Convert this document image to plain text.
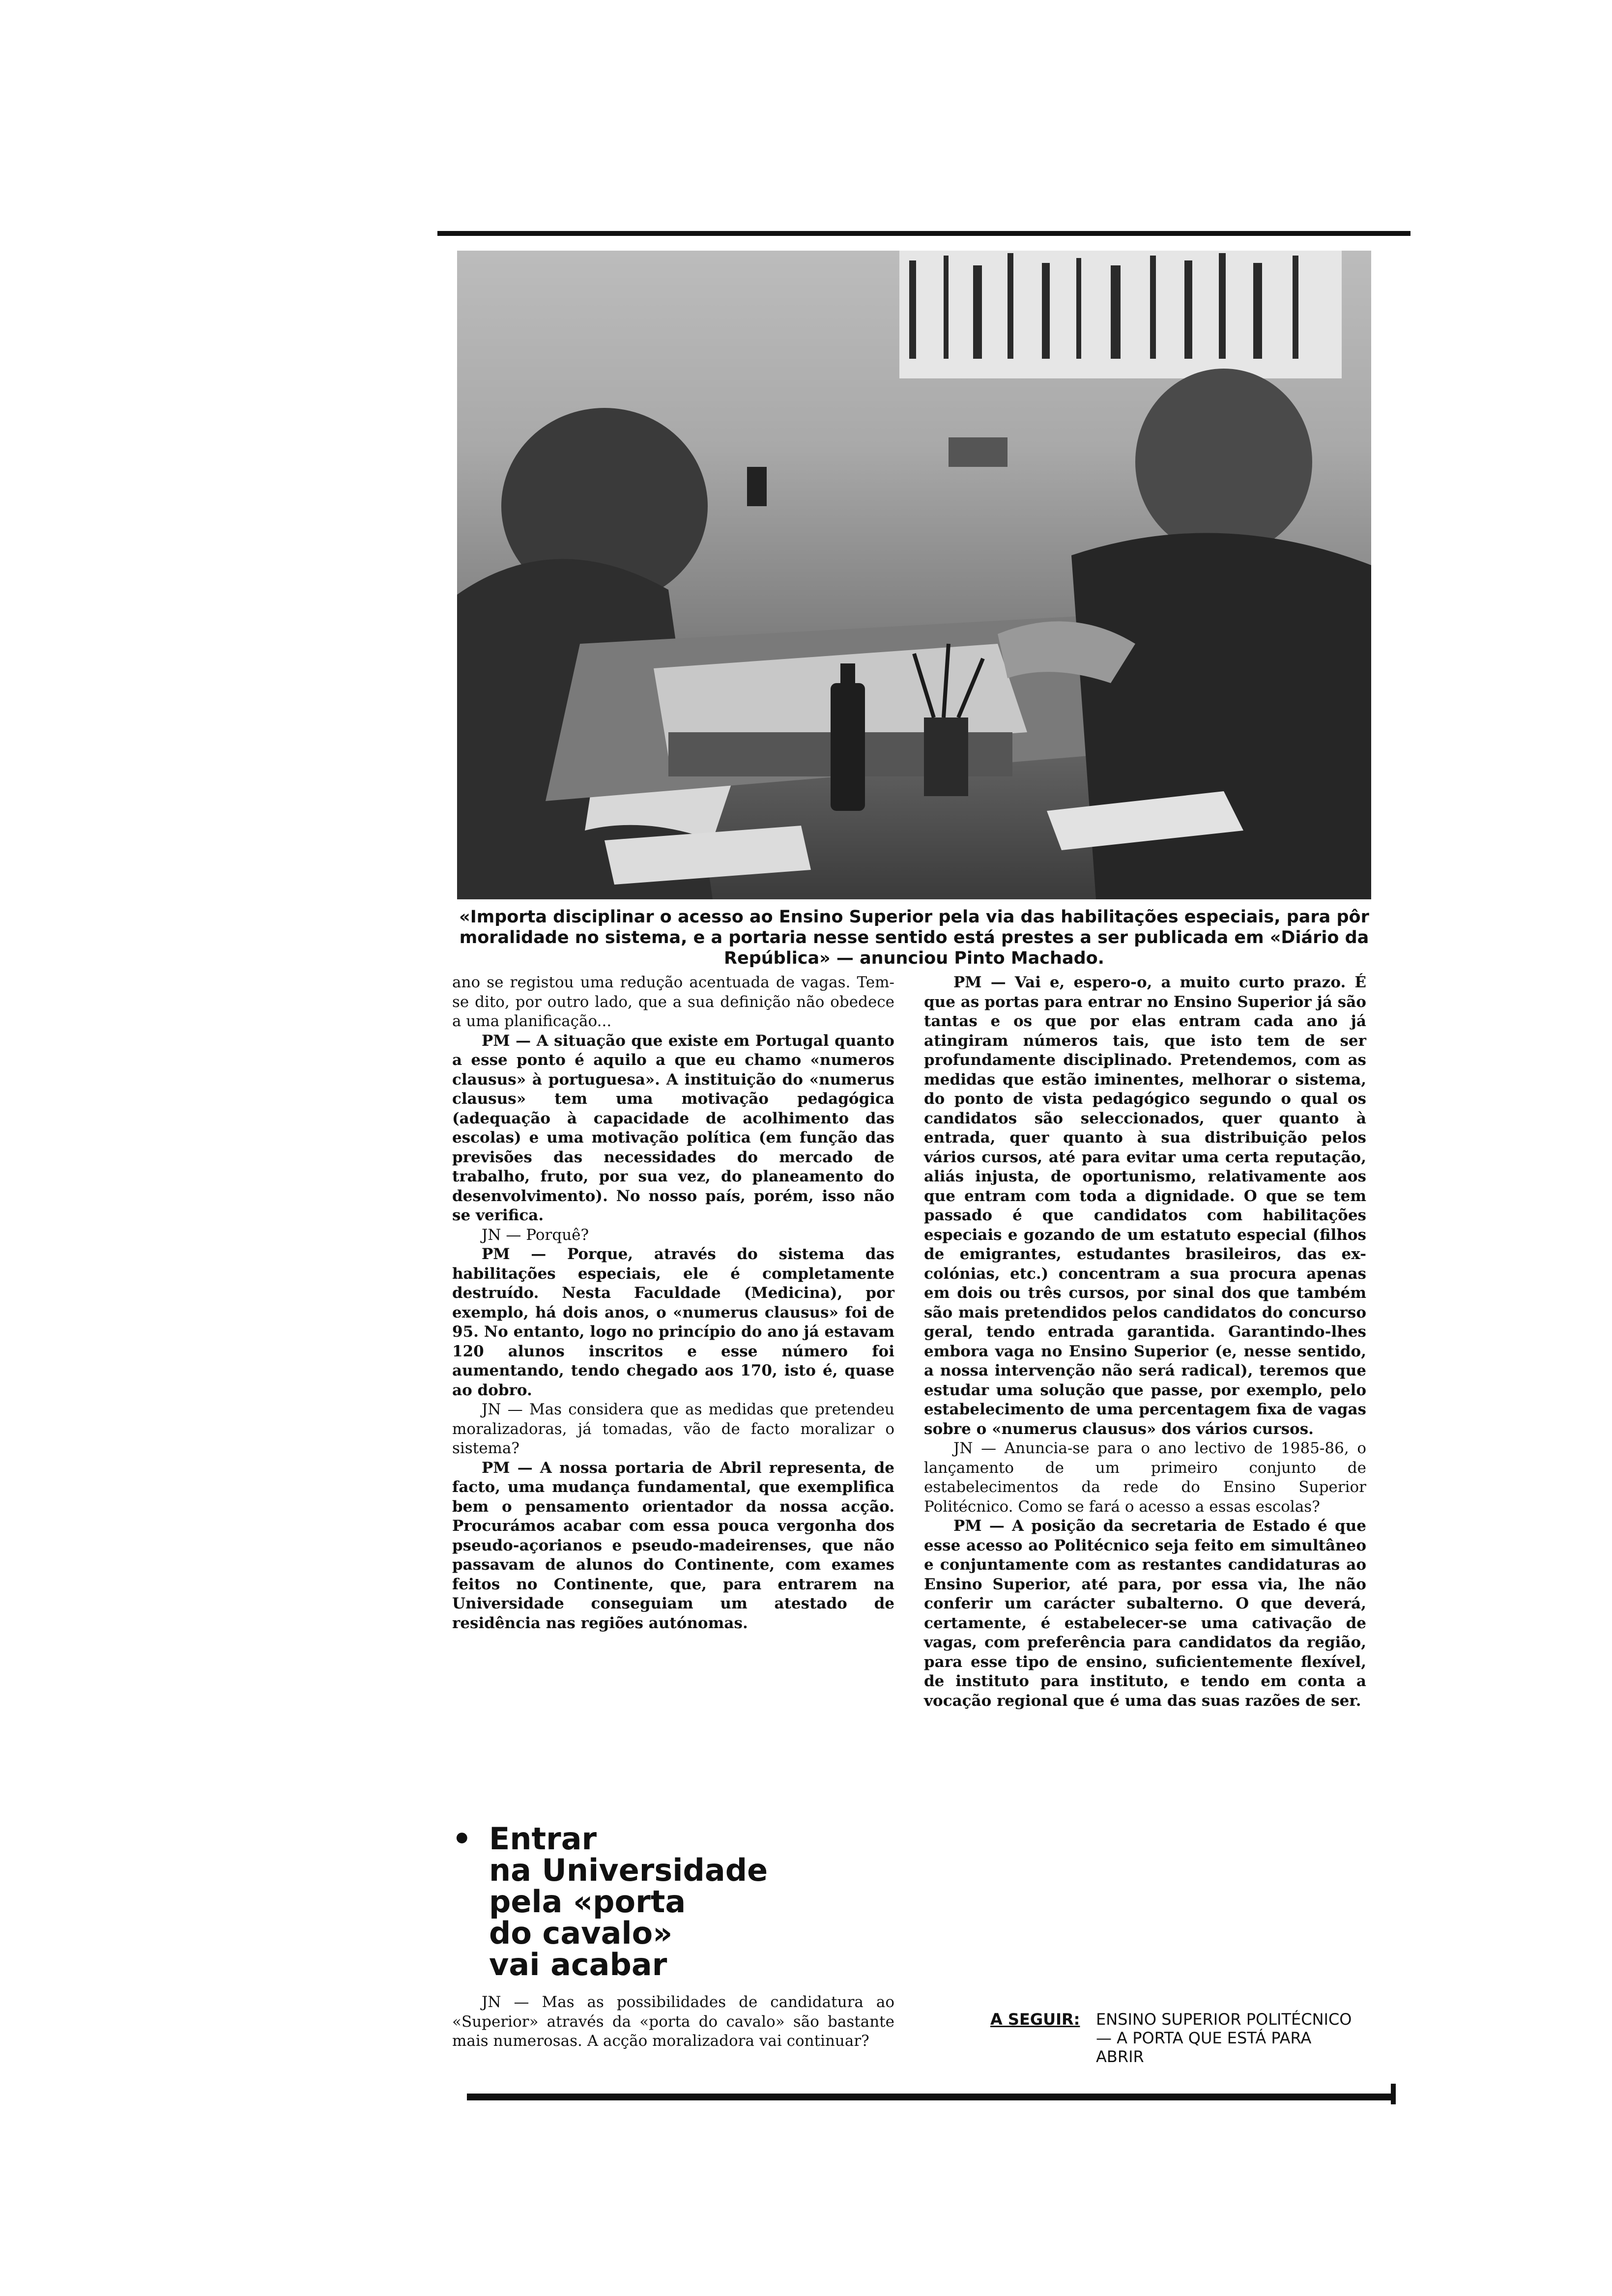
«Importa disciplinar o acesso ao Ensino Superior pela via das habilitações especiais, para pôr moralidade no sistema, e a portaria nesse sentido está prestes a ser publicada em «Diário da República» — anunciou Pinto Machado.

ano se registou uma redução acentuada de vagas. Tem-se dito, por outro lado, que a sua definição não obedece a uma planificação...

PM — A situação que existe em Portugal quanto a esse ponto é aquilo a que eu chamo «numeros clausus» à portuguesa». A instituição do «numerus clausus» tem uma motivação pedagógica (adequação à capacidade de acolhimento das escolas) e uma motivação política (em função das previsões das necessidades do mercado de trabalho, fruto, por sua vez, do planeamento do desenvolvimento). No nosso país, porém, isso não se verifica.

JN — Porquê?

PM — Porque, através do sistema das habilitações especiais, ele é completamente destruído. Nesta Faculdade (Medicina), por exemplo, há dois anos, o «numerus clausus» foi de 95. No entanto, logo no princípio do ano já estavam 120 alunos inscritos e esse número foi aumentando, tendo chegado aos 170, isto é, quase ao dobro.

JN — Mas considera que as medidas que pretendeu moralizadoras, já tomadas, vão de facto moralizar o sistema?

PM — A nossa portaria de Abril representa, de facto, uma mudança fundamental, que exemplifica bem o pensamento orientador da nossa acção. Procurámos acabar com essa pouca vergonha dos pseudo-açorianos e pseudo-madeirenses, que não passavam de alunos do Continente, com exames feitos no Continente, que, para entrarem na Universidade conseguiam um atestado de residência nas regiões autónomas.

• Entrar
na Universidade
pela «porta
do cavalo»
vai acabar

JN — Mas as possibilidades de candidatura ao «Superior» através da «porta do cavalo» são bastante mais numerosas. A acção moralizadora vai continuar?

PM — Vai e, espero-o, a muito curto prazo. É que as portas para entrar no Ensino Superior já são tantas e os que por elas entram cada ano já atingiram números tais, que isto tem de ser profundamente disciplinado. Pretendemos, com as medidas que estão iminentes, melhorar o sistema, do ponto de vista pedagógico segundo o qual os candidatos são seleccionados, quer quanto à entrada, quer quanto à sua distribuição pelos vários cursos, até para evitar uma certa reputação, aliás injusta, de oportunismo, relativamente aos que entram com toda a dignidade. O que se tem passado é que candidatos com habilitações especiais e gozando de um estatuto especial (filhos de emigrantes, estudantes brasileiros, das ex-colónias, etc.) concentram a sua procura apenas em dois ou três cursos, por sinal dos que também são mais pretendidos pelos candidatos do concurso geral, tendo entrada garantida. Garantindo-lhes embora vaga no Ensino Superior (e, nesse sentido, a nossa intervenção não será radical), teremos que estudar uma solução que passe, por exemplo, pelo estabelecimento de uma percentagem fixa de vagas sobre o «numerus clausus» dos vários cursos.

JN — Anuncia-se para o ano lectivo de 1985-86, o lançamento de um primeiro conjunto de estabelecimentos da rede do Ensino Superior Politécnico. Como se fará o acesso a essas escolas?

PM — A posição da secretaria de Estado é que esse acesso ao Politécnico seja feito em simultâneo e conjuntamente com as restantes candidaturas ao Ensino Superior, até para, por essa via, lhe não conferir um carácter subalterno. O que deverá, certamente, é estabelecer-se uma cativação de vagas, com preferência para candidatos da região, para esse tipo de ensino, suficientemente flexível, de instituto para instituto, e tendo em conta a vocação regional que é uma das suas razões de ser.

A SEGUIR: ENSINO SUPERIOR POLITÉCNICO — A PORTA QUE ESTÁ PARA ABRIR
